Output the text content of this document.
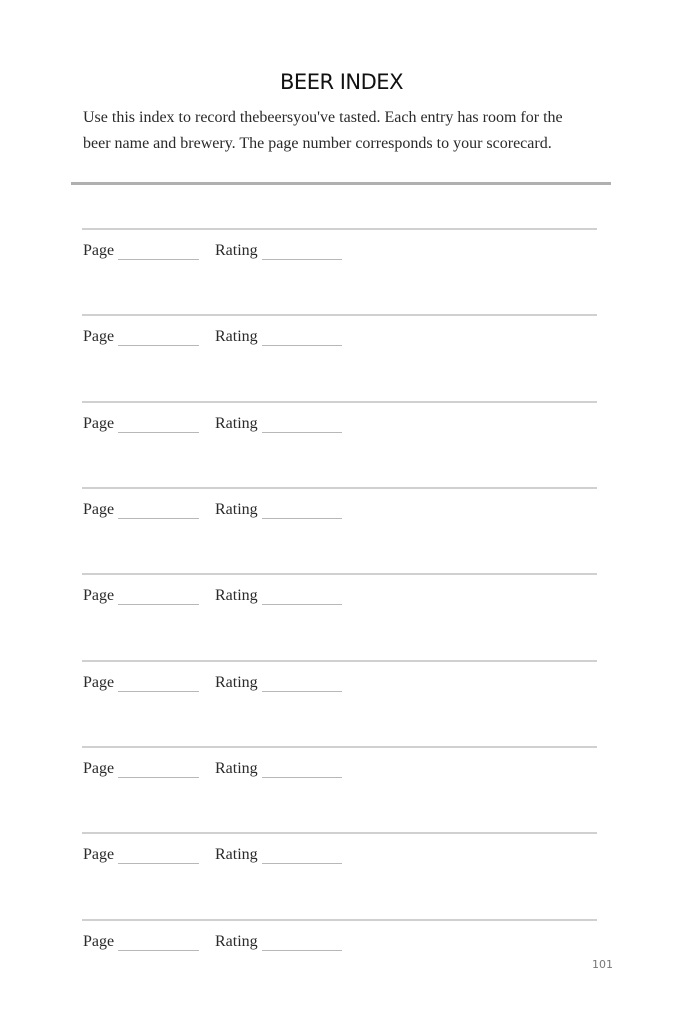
BEER INDEX
Use this index to record thebeersyou've tasted. Each entry has room for the beer name and brewery. The page number corresponds to your scorecard.
Page	Rating
Page	Rating
Page	Rating
Page	Rating
Page	Rating
Page	Rating
Page	Rating
Page	Rating
Page	Rating
101
